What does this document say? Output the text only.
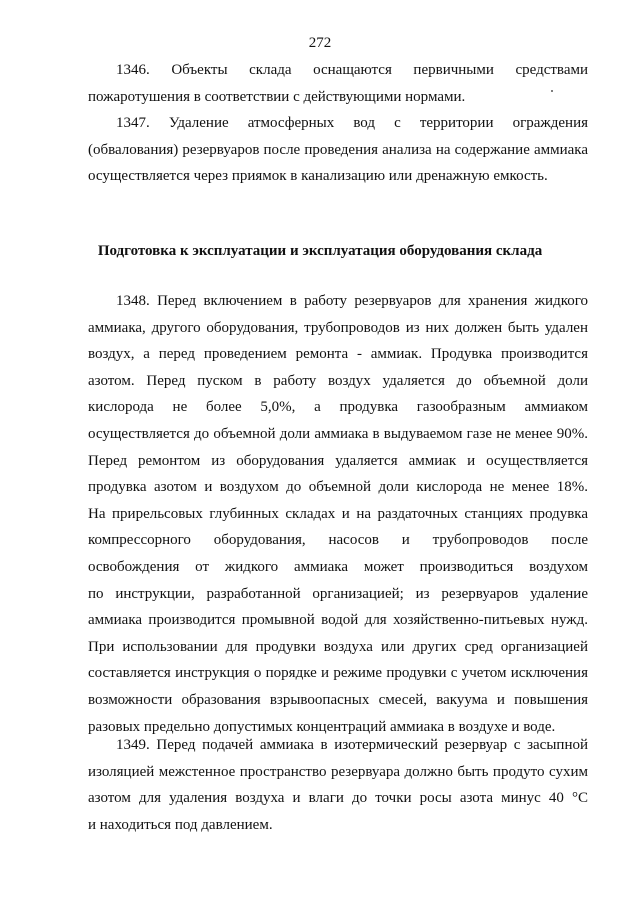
272
1346. Объекты склада оснащаются первичными средствами
пожаротушения в соответствии с действующими нормами.
1347. Удаление атмосферных вод с территории ограждения
(обвалования) резервуаров после проведения анализа на содержание аммиака
осуществляется через приямок в канализацию или дренажную емкость.
Подготовка к эксплуатации и эксплуатация оборудования склада
1348. Перед включением в работу резервуаров для хранения жидкого
аммиака, другого оборудования, трубопроводов из них должен быть удален
воздух, а перед проведением ремонта - аммиак. Продувка производится
азотом. Перед пуском в работу воздух удаляется до объемной доли
кислорода не более 5,0%, а продувка газообразным аммиаком
осуществляется до объемной доли аммиака в выдуваемом газе не менее 90%.
Перед ремонтом из оборудования удаляется аммиак и осуществляется
продувка азотом и воздухом до объемной доли кислорода не менее 18%.
На прирельсовых глубинных складах и на раздаточных станциях продувка
компрессорного оборудования, насосов и трубопроводов после
освобождения от жидкого аммиака может производиться воздухом
по инструкции, разработанной организацией; из резервуаров удаление
аммиака производится промывной водой для хозяйственно-питьевых нужд.
При использовании для продувки воздуха или других сред организацией
составляется инструкция о порядке и режиме продувки с учетом исключения
возможности образования взрывоопасных смесей, вакуума и повышения
разовых предельно допустимых концентраций аммиака в воздухе и воде.
1349. Перед подачей аммиака в изотермический резервуар с засыпной
изоляцией межстенное пространство резервуара должно быть продуто сухим
азотом для удаления воздуха и влаги до точки росы азота минус 40 °С
и находиться под давлением.
